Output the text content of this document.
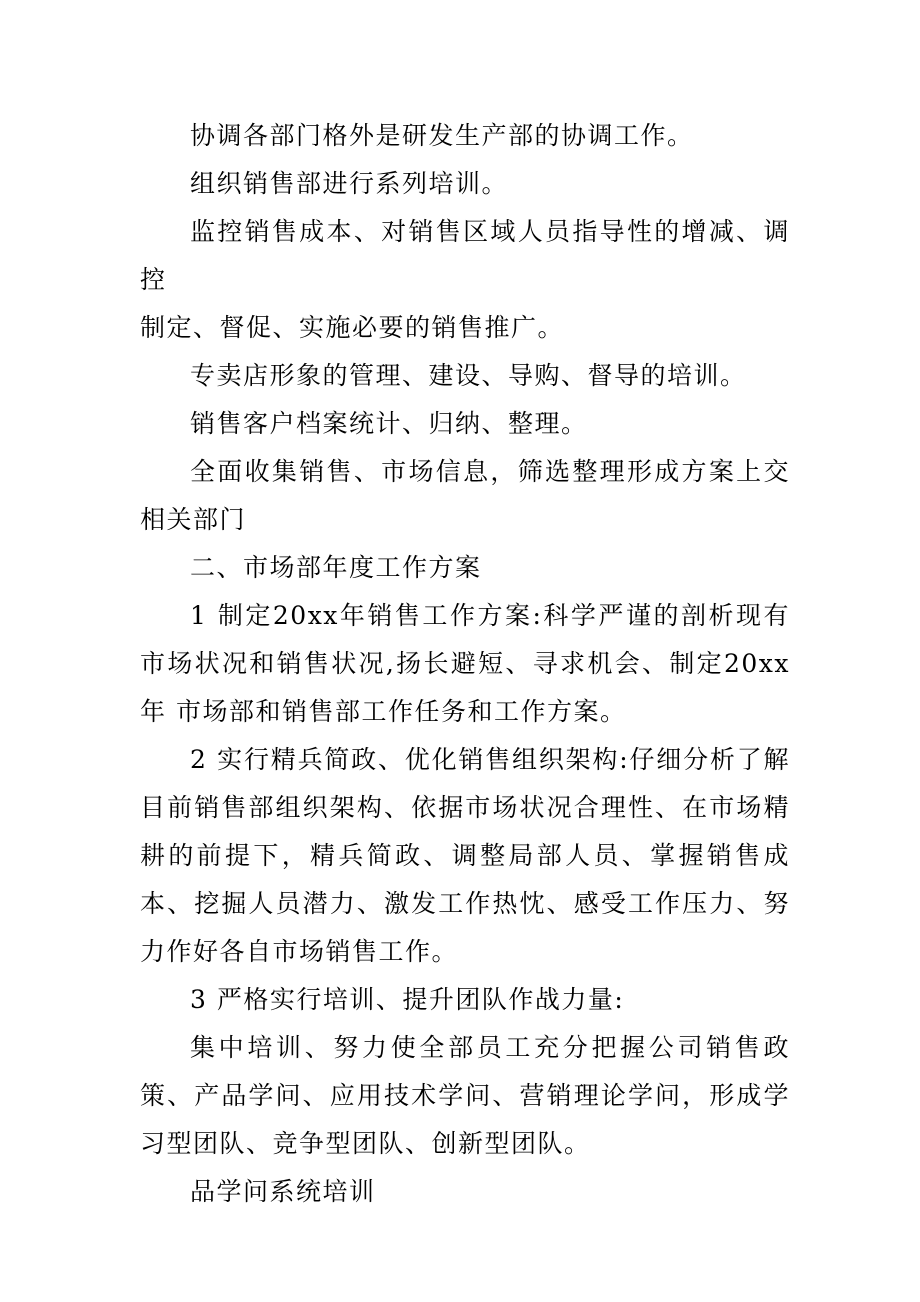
协调各部门格外是研发生产部的协调工作。

组织销售部进行系列培训。

监控销售成本、对销售区域人员指导性的增减、调控

制定、督促、实施必要的销售推广。

专卖店形象的管理、建设、导购、督导的培训。

销售客户档案统计、归纳、整理。

全面收集销售、市场信息，筛选整理形成方案上交相关部门

二、市场部年度工作方案

1 制定20xx年销售工作方案:科学严谨的剖析现有市场状况和销售状况,扬长避短、寻求机会、制定20xx年 市场部和销售部工作任务和工作方案。

2 实行精兵简政、优化销售组织架构:仔细分析了解目前销售部组织架构、依据市场状况合理性、在市场精耕的前提下，精兵简政、调整局部人员、掌握销售成本、挖掘人员潜力、激发工作热忱、感受工作压力、努力作好各自市场销售工作。

3 严格实行培训、提升团队作战力量:

集中培训、努力使全部员工充分把握公司销售政策、产品学问、应用技术学问、营销理论学问，形成学习型团队、竞争型团队、创新型团队。

品学问系统培训
